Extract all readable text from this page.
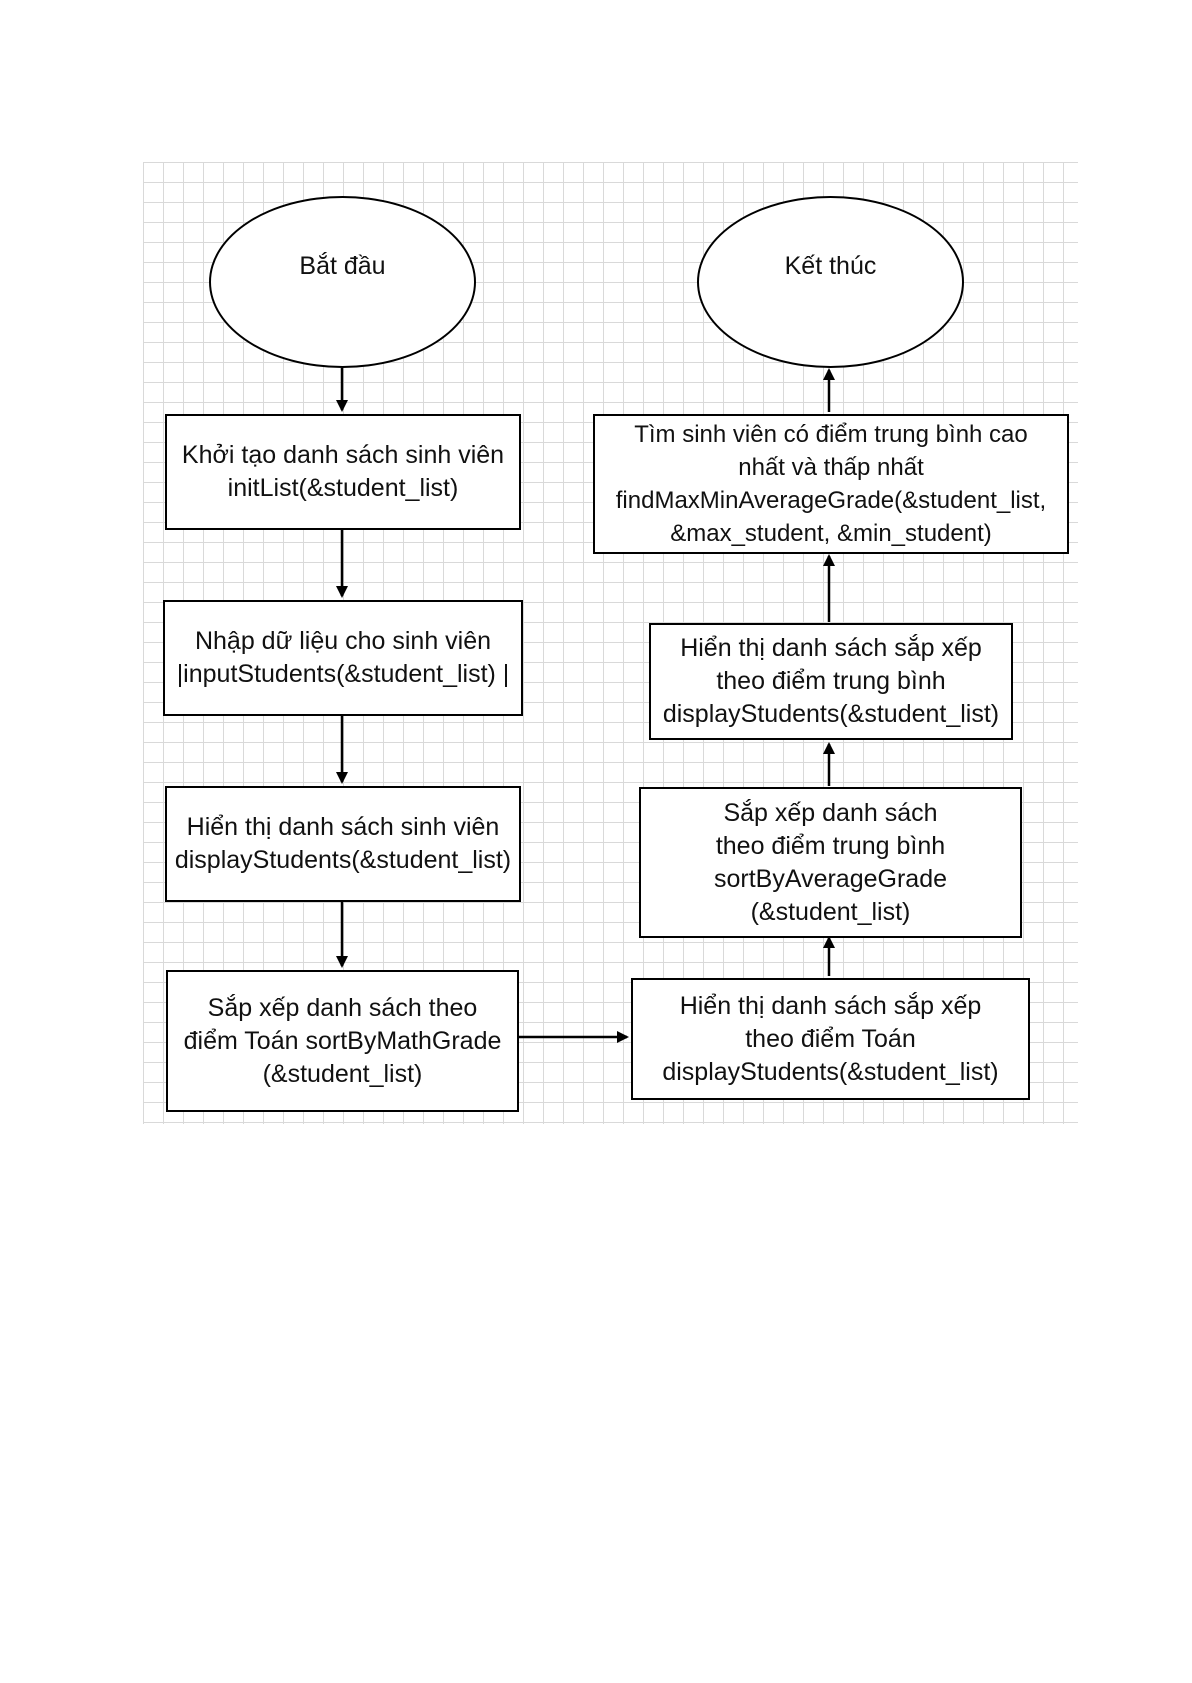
Bắt đầu	Kết thúc
Khởi tạo danh sách sinh viên
initList(&student_list)
Nhập dữ liệu cho sinh viên
|inputStudents(&student_list) |
Hiển thị danh sách sinh viên
displayStudents(&student_list)
Sắp xếp danh sách theo
điểm Toán sortByMathGrade
(&student_list)
Hiển thị danh sách sắp xếp
theo điểm Toán
displayStudents(&student_list)
Sắp xếp danh sách
theo điểm trung bình
sortByAverageGrade
(&student_list)
Hiển thị danh sách sắp xếp
theo điểm trung bình
displayStudents(&student_list)
Tìm sinh viên có điểm trung bình cao
nhất và thấp nhất
findMaxMinAverageGrade(&student_list,
&max_student, &min_student)
